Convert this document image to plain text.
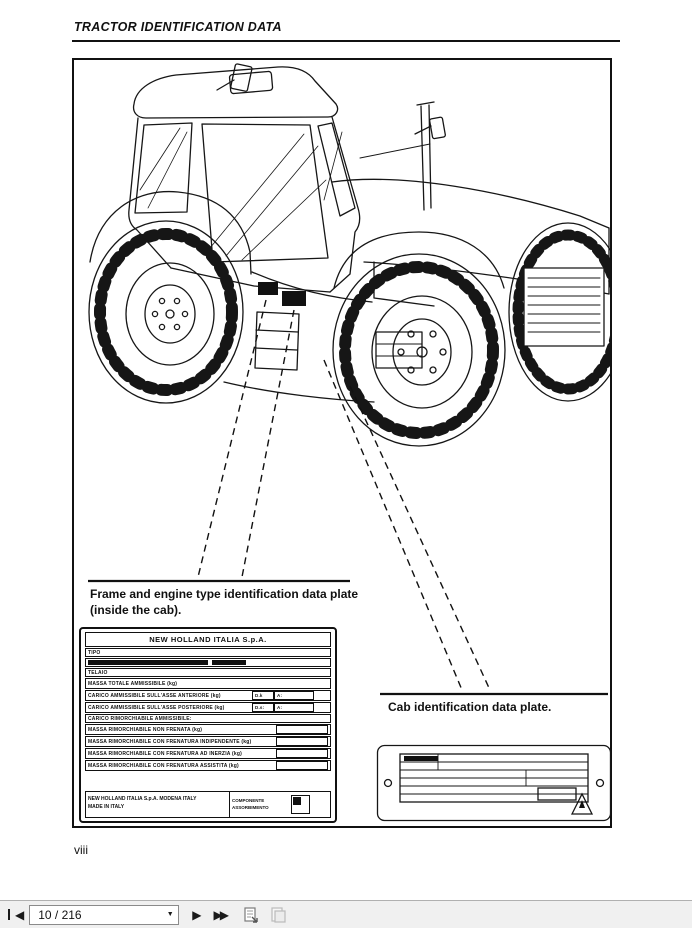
TRACTOR IDENTIFICATION DATA
Frame and engine type identification data plate (inside the cab).
Cab identification data plate.
NEW HOLLAND ITALIA S.p.A.
TIPO
TELAIO
MASSA TOTALE AMMISSIBILE (kg)
CARICO AMMISSIBILE SULL'ASSE ANTERIORE (kg)	D.k	A:
CARICO AMMISSIBILE SULL'ASSE POSTERIORE (kg)	D.s:	A:
CARICO RIMORCHIABILE AMMISSIBILE:
MASSA RIMORCHIABILE NON FRENATA (kg)
MASSA RIMORCHIABILE CON FRENATURA INDIPENDENTE (kg)
MASSA RIMORCHIABILE CON FRENATURA AD INERZIA (kg)
MASSA RIMORCHIABILE CON FRENATURA ASSISTITA (kg)
NEW HOLLAND ITALIA S.p.A. MODENA ITALY
MADE IN ITALY
COMPONENTE ASSORBIMENTO
viii
◀	10 / 216	▼	▶ ▶▶
